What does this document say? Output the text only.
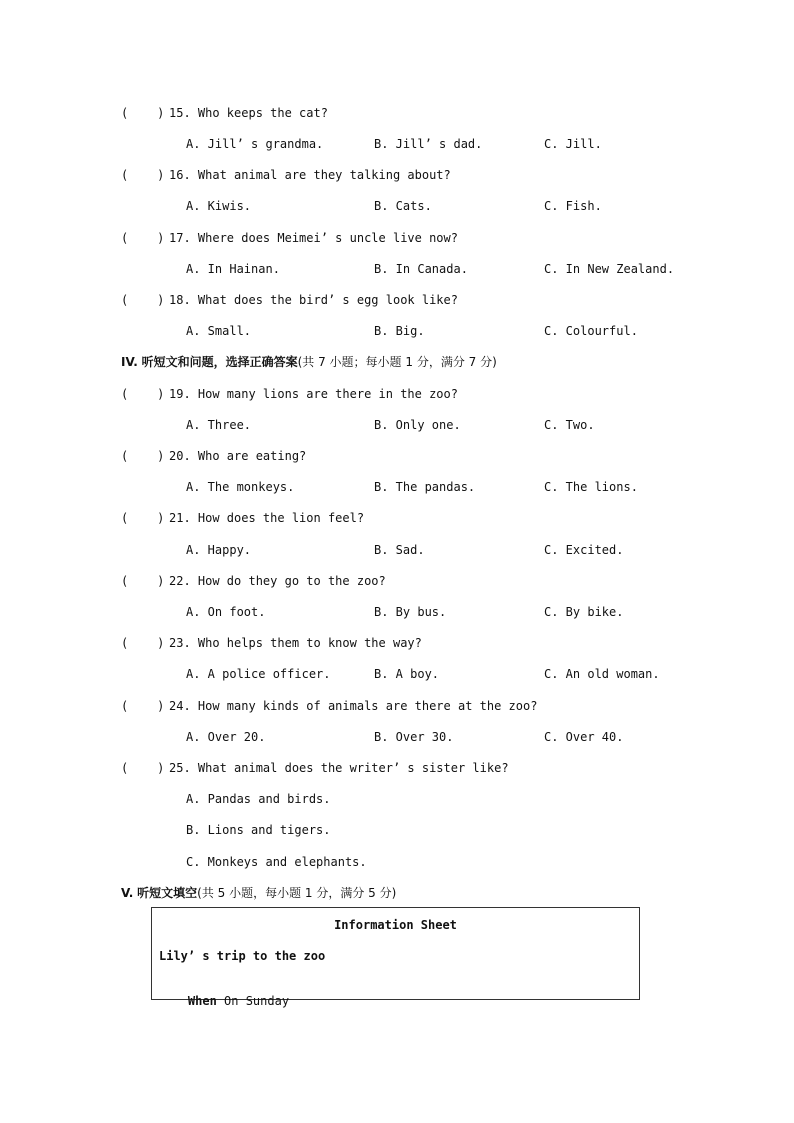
(    ) 15. Who keeps the cat?
A. Jill’ s grandma.	B. Jill’ s dad.	C. Jill.
(    ) 16. What animal are they talking about?
A. Kiwis.	B. Cats.	C. Fish.
(    ) 17. Where does Meimei’ s uncle live now?
A. In Hainan.	B. In Canada.	C. In New Zealand.
(    ) 18. What does the bird’ s egg look like?
A. Small.	B. Big.	C. Colourful.
IV. 听短文和问题，选择正确答案(共 7 小题；每小题 1 分，满分 7 分)
(    ) 19. How many lions are there in the zoo?
A. Three.	B. Only one.	C. Two.
(    ) 20. Who are eating?
A. The monkeys.	B. The pandas.	C. The lions.
(    ) 21. How does the lion feel?
A. Happy.	B. Sad.	C. Excited.
(    ) 22. How do they go to the zoo?
A. On foot.	B. By bus.	C. By bike.
(    ) 23. Who helps them to know the way?
A. A police officer.	B. A boy.	C. An old woman.
(    ) 24. How many kinds of animals are there at the zoo?
A. Over 20.	B. Over 30.	C. Over 40.
(    ) 25. What animal does the writer’ s sister like?
A. Pandas and birds.
B. Lions and tigers.
C. Monkeys and elephants.
V. 听短文填空(共 5 小题，每小题 1 分，满分 5 分)
Information Sheet
Lily’ s trip to the zoo

When On Sunday
